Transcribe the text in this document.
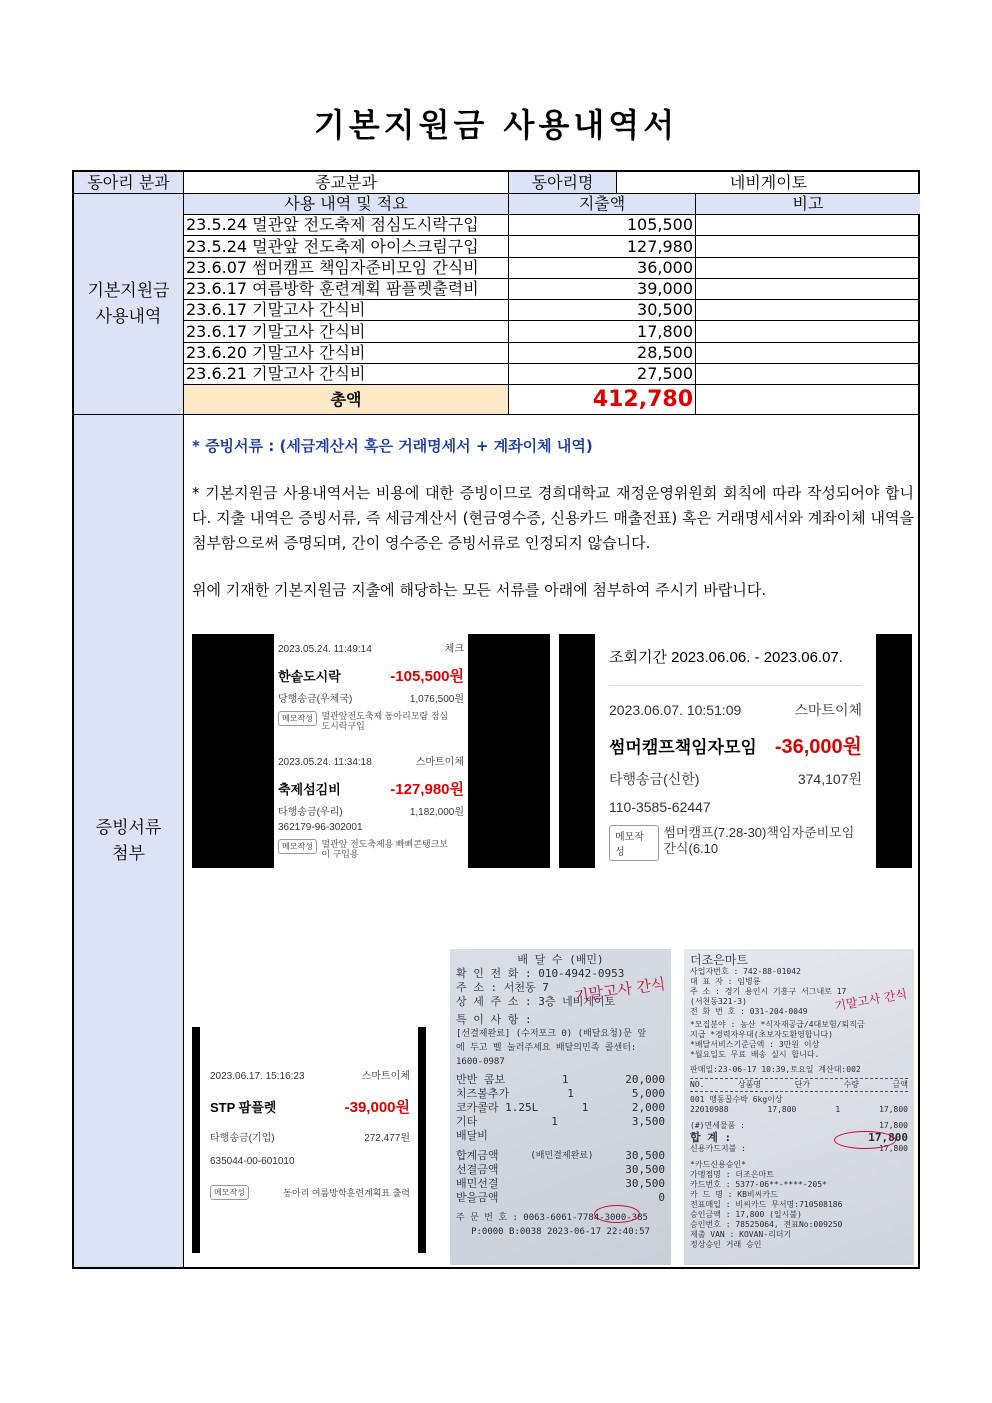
기본지원금 사용내역서
동아리 분과	종교분과	동아리명	네비게이토
기본지원금
사용내역
사용 내역 및 적요	지출액	비고
23.5.24 멀관앞 전도축제 점심도시락구입	105,500
23.5.24 멀관앞 전도축제 아이스크림구입	127,980
23.6.07 썸머캠프 책임자준비모임 간식비	36,000
23.6.17 여름방학 훈련계획 팜플렛출력비	39,000
23.6.17 기말고사 간식비	30,500
23.6.17 기말고사 간식비	17,800
23.6.20 기말고사 간식비	28,500
23.6.21 기말고사 간식비	27,500
총액	412,780
증빙서류
첨부

* 증빙서류 : (세금계산서 혹은 거래명세서 + 계좌이체 내역)

* 기본지원금 사용내역서는 비용에 대한 증빙이므로 경희대학교 재정운영위원회 회칙에 따라 작성되어야 합니다. 지출 내역은 증빙서류, 즉 세금계산서 (현금영수증, 신용카드 매출전표) 혹은 거래명세서와 계좌이체 내역을 첨부함으로써 증명되며, 간이 영수증은 증빙서류로 인정되지 않습니다.

위에 기재한 기본지원금 지출에 해당하는 모든 서류를 아래에 첨부하여 주시기 바랍니다.

2023.05.24. 11:49:14	체크
한솥도시락	-105,500원
당행송금(우체국)	1,076,500원
메모작성 멀관앞전도축제 동아리모람 점심도시락구입
2023.05.24. 11:34:18	스마트이체
축제섬김비	-127,980원
타행송금(우리)	1,182,000원
362179-96-302001
메모작성 멀관앞 전도축제용 빠삐콘탱크보이 구입용
조회기간 2023.06.06. - 2023.06.07.
2023.06.07. 10:51:09	스마트이체
썸머캠프책임자모임 -36,000원
타행송금(신한)	374,107원
110-3585-62447
메모작성
썸머캠프(7.28-30)책임자준비모임간식(6.10
2023.06.17. 15:16:23	스마트이체
STP 팜플렛	-39,000원
타행송금(기업)	272,477원
635044-00-601010
메모작성	동아리 여름방학훈련계획표 출력
배 달 수 (배민)
확 인 전 화 : 010-4942-0953
주 소 : 서천동 7
상 세 주 소 : 3층 네비게이토
특 이 사 항 :
[선결제완료] (수저포크 0) (배달요청)문 앞
에 두고 벨 눌러주세요 배달의민족 콜센터:
1600-0987
반반 콤보	1	20,000
치즈볼추가	1	5,000
코카콜라 1.25L	1	2,000
기타	1	3,500
배달비
합계금액	(배민결제완료)	30,500
선결금액	30,500
배민선결	30,500
받을금액	0
주 문 번 호 : 0063-6061-7784-3000-385
P:0000 B:0038 2023-06-17 22:40:57
기말고사 간식
더조은마트
사업자번호 : 742-88-01042
대 표 자 : 임병룡
주 소 : 경기 용인시 기흥구 서그내로 17
(서천동321-3)
전 화 번 호 : 031-204-0049
*모집분야 : 농산 *식자재공급/4대보험/퇴직금
지급 *경력자우대(초보자도환영합니다)
*배달서비스기준금액 : 3만원 이상
*월요일도 무료 배송 실시 합니다.
판매일:23-06-17 10:39,토요일 계산대:002
NO.	상품명	단가	수량	금액
001 맹동꿀수박 6kg이상
22010988	17,800	1	17,800
(#)면세물품 :	17,800
합 계 :	17,800
신용카드지불 :	17,800
*카드신용승인*
가맹점명 : 더조은마트
카드번호 : 5377-06**-****-205*
카 드 명 : KB비씨카드
전표매입 : 비씨카드 무서명:710508186
승인금액 : 17,800 (일시불)
승인번호 : 78525064, 전표No:009250
제출 VAN : KOVAN-리더기
정상승인 거래 승인
기말고사 간식
